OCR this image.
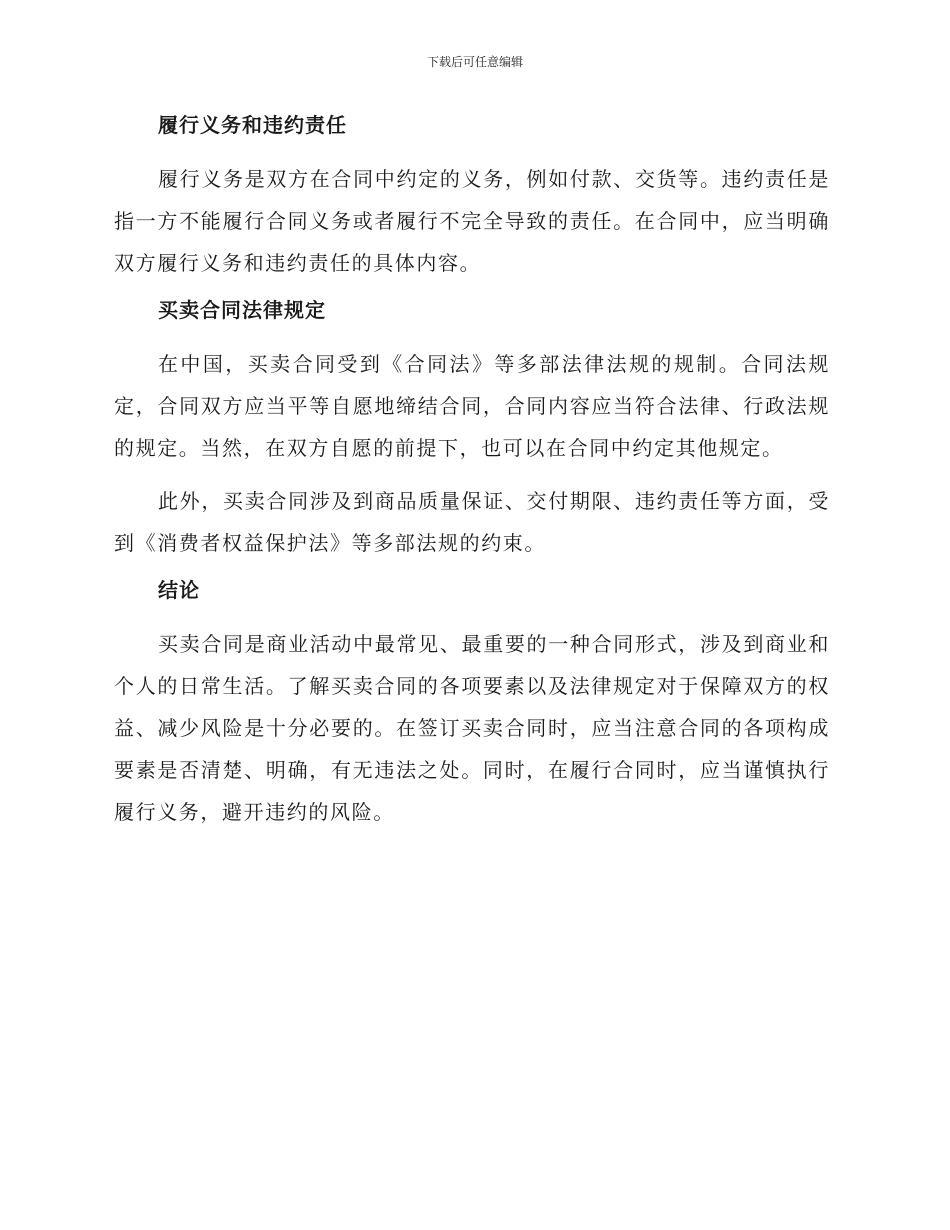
下载后可任意编辑
履行义务和违约责任

履行义务是双方在合同中约定的义务，例如付款、交货等。违约责任是指一方不能履行合同义务或者履行不完全导致的责任。在合同中，应当明确双方履行义务和违约责任的具体内容。

买卖合同法律规定

在中国，买卖合同受到《合同法》等多部法律法规的规制。合同法规定，合同双方应当平等自愿地缔结合同，合同内容应当符合法律、行政法规的规定。当然，在双方自愿的前提下，也可以在合同中约定其他规定。

此外，买卖合同涉及到商品质量保证、交付期限、违约责任等方面，受到《消费者权益保护法》等多部法规的约束。

结论

买卖合同是商业活动中最常见、最重要的一种合同形式，涉及到商业和个人的日常生活。了解买卖合同的各项要素以及法律规定对于保障双方的权益、减少风险是十分必要的。在签订买卖合同时，应当注意合同的各项构成要素是否清楚、明确，有无违法之处。同时，在履行合同时，应当谨慎执行履行义务，避开违约的风险。
